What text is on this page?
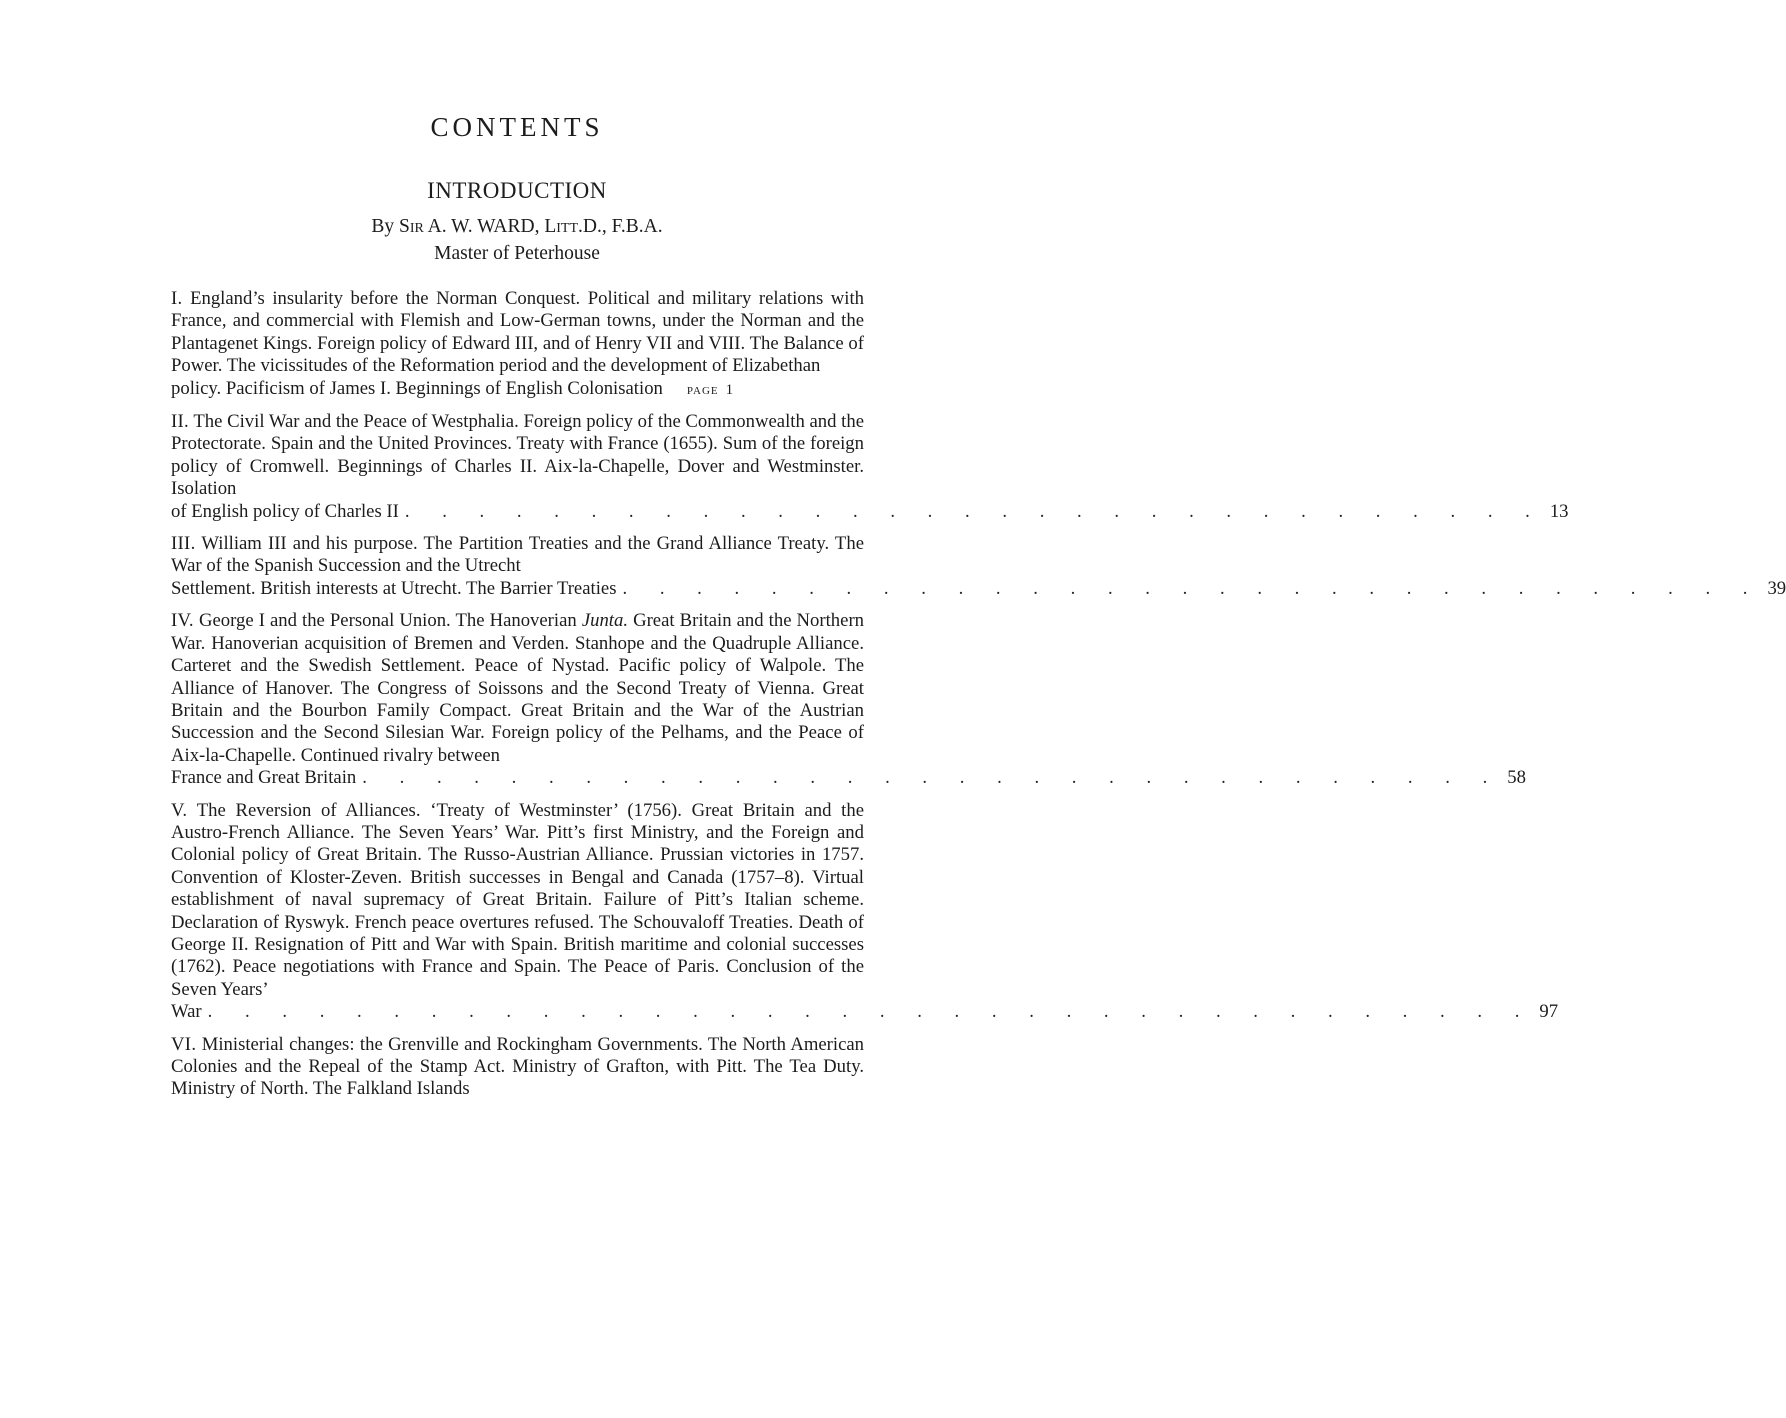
CONTENTS
INTRODUCTION
By Sir A. W. WARD, Litt.D., F.B.A.
Master of Peterhouse
I. England’s insularity before the Norman Conquest. Political and military relations with France, and commercial with Flemish and Low-German towns, under the Norman and the Plantagenet Kings. Foreign policy of Edward III, and of Henry VII and VIII. The Balance of Power. The vicissitudes of the Reformation period and the development of Elizabethan
policy. Pacificism of James I. Beginnings of English Colonisation page 1
II. The Civil War and the Peace of Westphalia. Foreign policy of the Commonwealth and the Protectorate. Spain and the United Provinces. Treaty with France (1655). Sum of the foreign policy of Cromwell. Beginnings of Charles II. Aix-la-Chapelle, Dover and Westminster. Isolation
of English policy of Charles II . . . . . . . . . . . . . . . . . . . . . . . . . . . . . . . 13
III. William III and his purpose. The Partition Treaties and the Grand Alliance Treaty. The War of the Spanish Succession and the Utrecht
Settlement. British interests at Utrecht. The Barrier Treaties . . . . . . . . . . . . . . . . . . . . . . . . . . . . . . . 39
IV. George I and the Personal Union. The Hanoverian Junta. Great Britain and the Northern War. Hanoverian acquisition of Bremen and Verden. Stanhope and the Quadruple Alliance. Carteret and the Swedish Settlement. Peace of Nystad. Pacific policy of Walpole. The Alliance of Hanover. The Congress of Soissons and the Second Treaty of Vienna. Great Britain and the Bourbon Family Compact. Great Britain and the War of the Austrian Succession and the Second Silesian War. Foreign policy of the Pelhams, and the Peace of Aix-la-Chapelle. Continued rivalry between
France and Great Britain . . . . . . . . . . . . . . . . . . . . . . . . . . . . . . . 58
V. The Reversion of Alliances. ‘Treaty of Westminster’ (1756). Great Britain and the Austro-French Alliance. The Seven Years’ War. Pitt’s first Ministry, and the Foreign and Colonial policy of Great Britain. The Russo-Austrian Alliance. Prussian victories in 1757. Convention of Kloster-Zeven. British successes in Bengal and Canada (1757–8). Virtual establishment of naval supremacy of Great Britain. Failure of Pitt’s Italian scheme. Declaration of Ryswyk. French peace overtures refused. The Schouvaloff Treaties. Death of George II. Resignation of Pitt and War with Spain. British maritime and colonial successes (1762). Peace negotiations with France and Spain. The Peace of Paris. Conclusion of the Seven Years’
War . . . . . . . . . . . . . . . . . . . . . . . . . . . . . . . . . . . . 97
VI. Ministerial changes: the Grenville and Rockingham Governments. The North American Colonies and the Repeal of the Stamp Act. Ministry of Grafton, with Pitt. The Tea Duty. Ministry of North. The Falkland Islands
